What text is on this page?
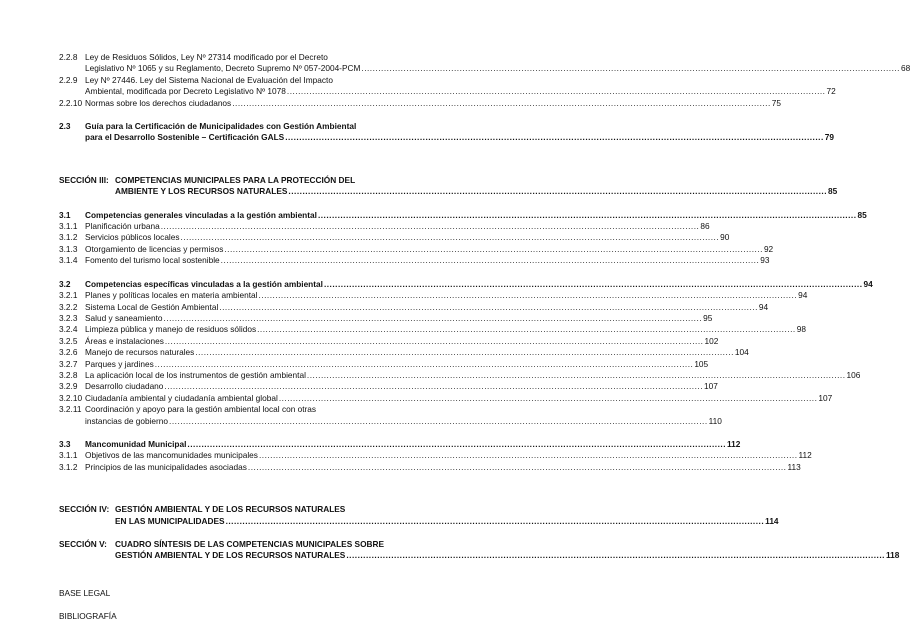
2.2.8 Ley de Residuos Sólidos, Ley Nº 27314 modificado por el Decreto
Legislativo Nº 1065 y su Reglamento, Decreto Supremo Nº 057-2004-PCM .....	68
2.2.9 Ley Nº 27446. Ley del Sistema Nacional de Evaluación del Impacto
Ambiental, modificada por Decreto Legislativo Nº 1078 .....	72
2.2.10 Normas sobre los derechos ciudadanos .....	75
2.3	Guía para la Certificación de Municipalidades con Gestión Ambiental
para el Desarrollo Sostenible – Certificación GALS .....	79
SECCIÓN III: COMPETENCIAS MUNICIPALES PARA LA PROTECCIÓN DEL
AMBIENTE Y LOS RECURSOS NATURALES .....	85
3.1	Competencias generales vinculadas a la gestión ambiental .....	85
3.1.1 Planificación urbana .....	86
3.1.2 Servicios públicos locales .....	90
3.1.3 Otorgamiento de licencias y permisos .....	92
3.1.4 Fomento del turismo local sostenible .....	93
3.2	Competencias específicas vinculadas a la gestión ambiental .....	94
3.2.1 Planes y políticas locales en materia ambiental .....	94
3.2.2 Sistema Local de Gestión Ambiental .....	94
3.2.3 Salud y saneamiento .....	95
3.2.4 Limpieza pública y manejo de residuos sólidos .....	98
3.2.5 Áreas e instalaciones .....	102
3.2.6 Manejo de recursos naturales .....	104
3.2.7 Parques y jardines .....	105
3.2.8 La aplicación local de los instrumentos de gestión ambiental .....	106
3.2.9 Desarrollo ciudadano .....	107
3.2.10 Ciudadanía ambiental y ciudadanía ambiental global .....	107
3.2.11 Coordinación y apoyo para la gestión ambiental local con otras
instancias de gobierno .....	110
3.3	Mancomunidad Municipal .....	112
3.1.1 Objetivos de las mancomunidades municipales .....	112
3.1.2 Principios de las municipalidades asociadas .....	113
SECCIÓN IV: GESTIÓN AMBIENTAL Y DE LOS RECURSOS NATURALES
EN LAS MUNICIPALIDADES .....	114
SECCIÓN V: CUADRO SÍNTESIS DE LAS COMPETENCIAS MUNICIPALES SOBRE
GESTIÓN AMBIENTAL Y DE LOS RECURSOS NATURALES .....	118
BASE LEGAL
BIBLIOGRAFÍA
